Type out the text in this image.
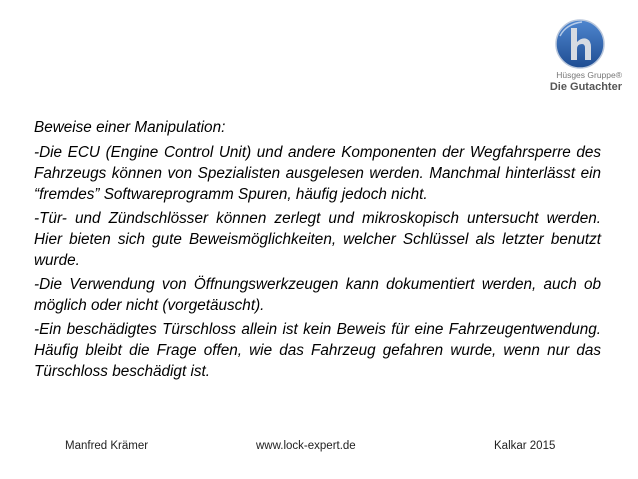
Hüsges Gruppe®
Die Gutachter
Beweise einer Manipulation:
-Die ECU (Engine Control Unit) und andere Komponenten der Wegfahrsperre des Fahrzeugs können von Spezialisten ausgelesen werden. Manchmal hinterlässt ein “fremdes” Softwareprogramm Spuren, häufig jedoch nicht.
-Tür- und Zündschlösser können zerlegt und mikroskopisch untersucht werden. Hier bieten sich gute Beweismöglichkeiten, welcher Schlüssel als letzter benutzt wurde.
-Die Verwendung von Öffnungswerkzeugen kann dokumentiert werden, auch ob möglich oder nicht (vorgetäuscht).
-Ein beschädigtes Türschloss allein ist kein Beweis für eine Fahrzeugentwendung. Häufig bleibt die Frage offen, wie das Fahrzeug gefahren wurde, wenn nur das Türschloss beschädigt ist.
Manfred Krämer	www.lock-expert.de	Kalkar 2015
